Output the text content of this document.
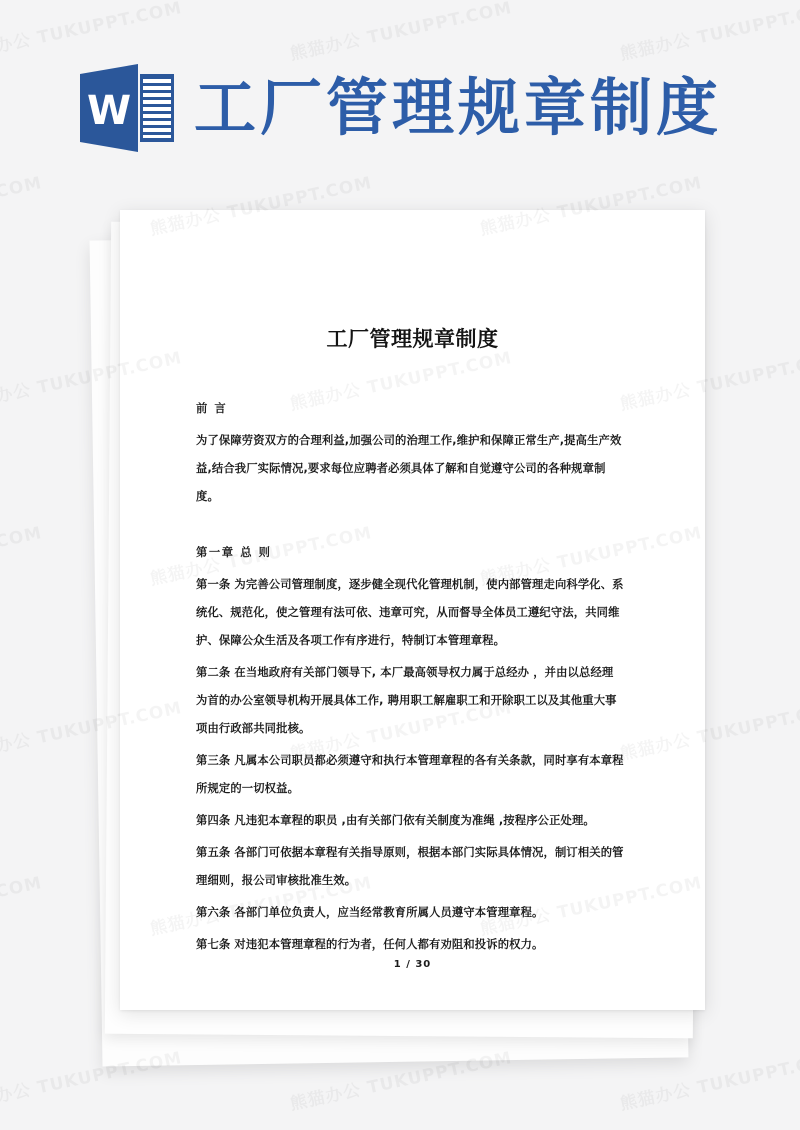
工厂管理规章制度
前 言
为了保障劳资双方的合理利益,加强公司的治理工作,维护和保障正常生产,提高生产效益,结合我厂实际情况,要求每位应聘者必须具体了解和自觉遵守公司的各种规章制度。
第一章 总 则
第一条 为完善公司管理制度，逐步健全现代化管理机制，使内部管理走向科学化、系统化、规范化，使之管理有法可依、违章可究，从而督导全体员工遵纪守法，共同维护、保障公众生活及各项工作有序进行，特制订本管理章程。
第二条 在当地政府有关部门领导下, 本厂最高领导权力属于总经办 ，并由以总经理为首的办公室领导机构开展具体工作, 聘用职工解雇职工和开除职工以及其他重大事项由行政部共同批核。
第三条 凡属本公司职员都必须遵守和执行本管理章程的各有关条款，同时享有本章程所规定的一切权益。
第四条 凡违犯本章程的职员 ,由有关部门依有关制度为准绳 ,按程序公正处理。
第五条 各部门可依据本章程有关指导原则，根据本部门实际具体情况，制订相关的管理细则，报公司审核批准生效。
第六条 各部门单位负责人，应当经常教育所属人员遵守本管理章程。
第七条 对违犯本管理章程的行为者，任何人都有劝阻和投诉的权力。
1 / 30
W 工厂管理规章制度
